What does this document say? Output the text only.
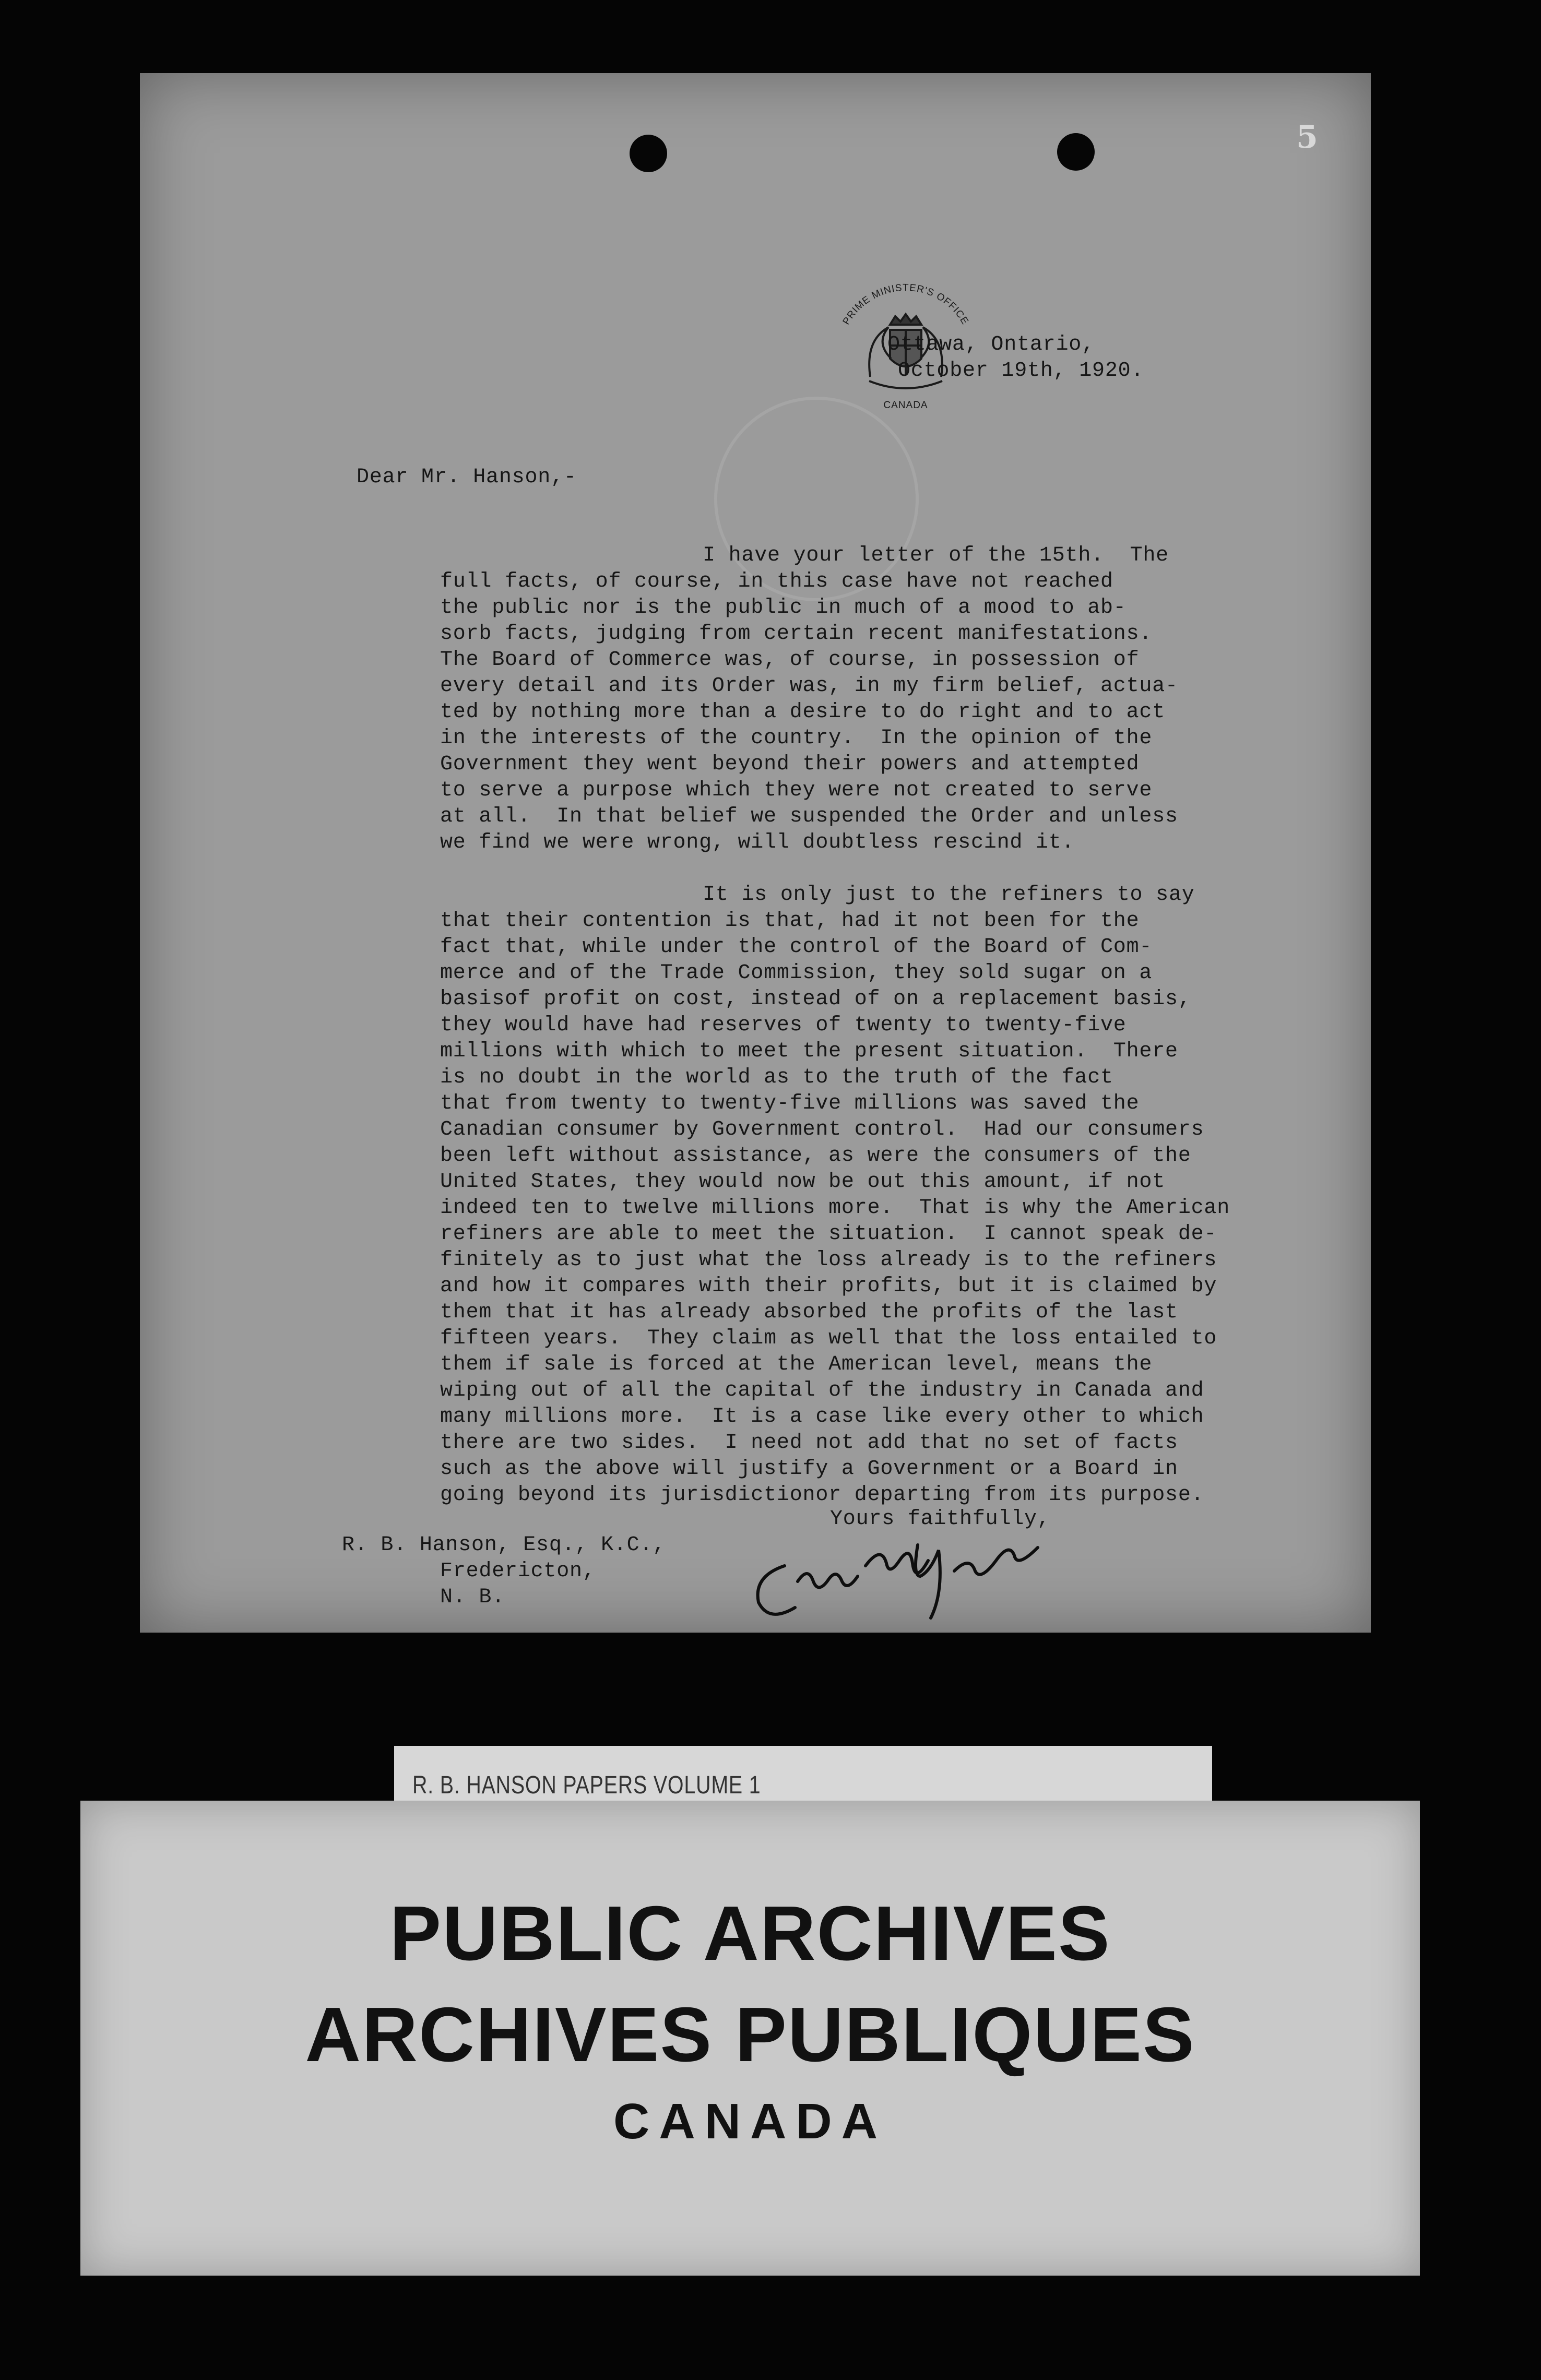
PRIME MINISTER'S OFFICE
CANADA
5
Ottawa, Ontario,
October 19th, 1920.
Dear Mr. Hanson,-
I have your letter of the 15th.  The
full facts, of course, in this case have not reached
the public nor is the public in much of a mood to ab-
sorb facts, judging from certain recent manifestations.
The Board of Commerce was, of course, in possession of
every detail and its Order was, in my firm belief, actua-
ted by nothing more than a desire to do right and to act
in the interests of the country.  In the opinion of the
Government they went beyond their powers and attempted
to serve a purpose which they were not created to serve
at all.  In that belief we suspended the Order and unless
we find we were wrong, will doubtless rescind it.
It is only just to the refiners to say
that their contention is that, had it not been for the
fact that, while under the control of the Board of Com-
merce and of the Trade Commission, they sold sugar on a
basisof profit on cost, instead of on a replacement basis,
they would have had reserves of twenty to twenty-five
millions with which to meet the present situation.  There
is no doubt in the world as to the truth of the fact
that from twenty to twenty-five millions was saved the
Canadian consumer by Government control.  Had our consumers
been left without assistance, as were the consumers of the
United States, they would now be out this amount, if not
indeed ten to twelve millions more.  That is why the American
refiners are able to meet the situation.  I cannot speak de-
finitely as to just what the loss already is to the refiners
and how it compares with their profits, but it is claimed by
them that it has already absorbed the profits of the last
fifteen years.  They claim as well that the loss entailed to
them if sale is forced at the American level, means the
wiping out of all the capital of the industry in Canada and
many millions more.  It is a case like every other to which
there are two sides.  I need not add that no set of facts
such as the above will justify a Government or a Board in
going beyond its jurisdictionor departing from its purpose.
Yours faithfully,
R. B. Hanson, Esq., K.C.,
Fredericton,
N. B.
R. B. HANSON PAPERS VOLUME 1
PUBLIC ARCHIVES
ARCHIVES PUBLIQUES
CANADA
